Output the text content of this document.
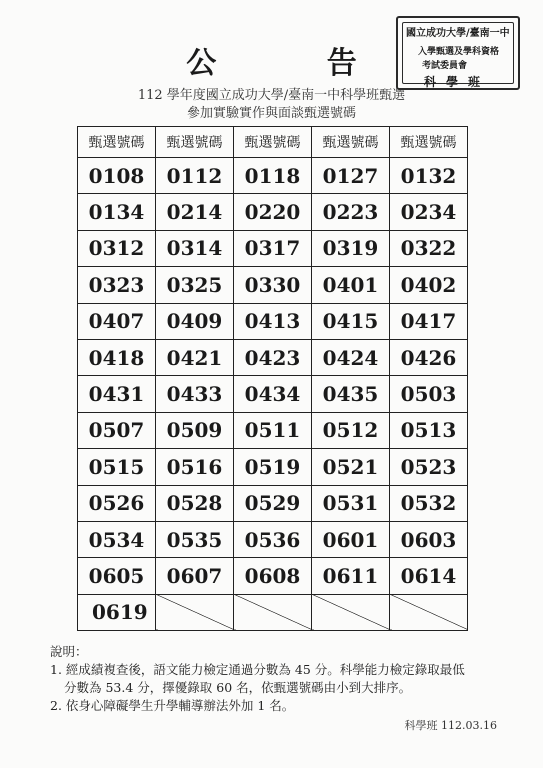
公 告
112 學年度國立成功大學/臺南一中科學班甄選
參加實驗實作與面談甄選號碼
國立成功大學/臺南一中
入學甄選及學科資格
考試委員會
科學班
甄選號碼	甄選號碼	甄選號碼	甄選號碼	甄選號碼
0108	0112	0118	0127	0132
0134	0214	0220	0223	0234
0312	0314	0317	0319	0322
0323	0325	0330	0401	0402
0407	0409	0413	0415	0417
0418	0421	0423	0424	0426
0431	0433	0434	0435	0503
0507	0509	0511	0512	0513
0515	0516	0519	0521	0523
0526	0528	0529	0531	0532
0534	0535	0536	0601	0603
0605	0607	0608	0611	0614
0619				
說明：
1. 經成績複查後，語文能力檢定通過分數為 45 分。科學能力檢定錄取最低
分數為 53.4 分，擇優錄取 60 名，依甄選號碼由小到大排序。
2. 依身心障礙學生升學輔導辦法外加 1 名。
科學班 112.03.16
